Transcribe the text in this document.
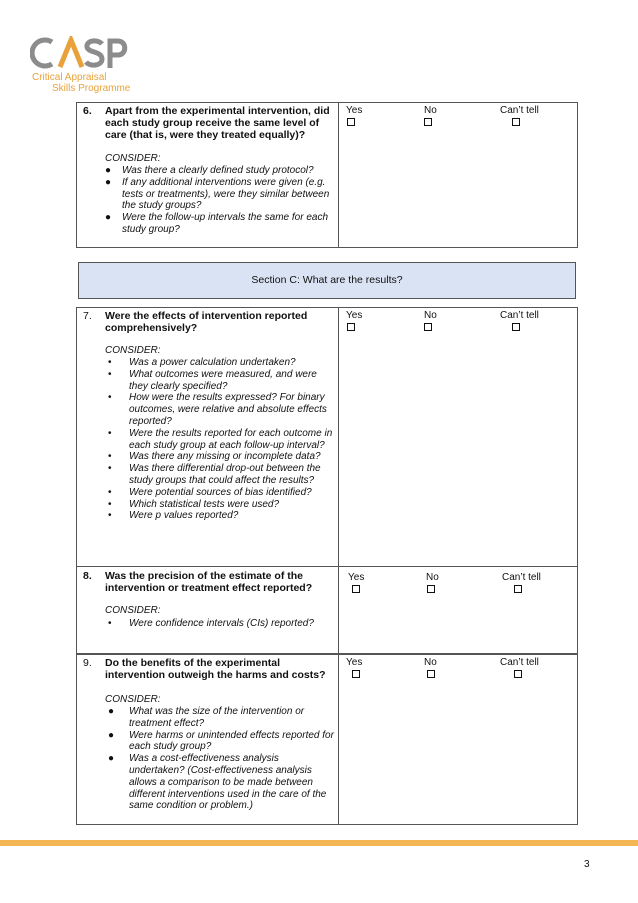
Critical Appraisal
Skills Programme
6. Apart from the experimental intervention, did each study group receive the same level of care (that is, were they treated equally)?
CONSIDER:
● Was there a clearly defined study protocol?
● If any additional interventions were given (e.g. tests or treatments), were they similar between the study groups?
● Were the follow-up intervals the same for each study group?
Yes	No	Can’t tell
Section C: What are the results?
7. Were the effects of intervention reported comprehensively?
CONSIDER:
• Was a power calculation undertaken?
• What outcomes were measured, and were they clearly specified?
• How were the results expressed? For binary outcomes, were relative and absolute effects reported?
• Were the results reported for each outcome in each study group at each follow-up interval?
• Was there any missing or incomplete data?
• Was there differential drop-out between the study groups that could affect the results?
• Were potential sources of bias identified?
• Which statistical tests were used?
• Were p values reported?
Yes	No	Can’t tell
8. Was the precision of the estimate of the intervention or treatment effect reported?
CONSIDER:
• Were confidence intervals (CIs) reported?
Yes	No	Can’t tell
9. Do the benefits of the experimental intervention outweigh the harms and costs?
CONSIDER:
● What was the size of the intervention or treatment effect?
● Were harms or unintended effects reported for each study group?
● Was a cost-effectiveness analysis undertaken? (Cost-effectiveness analysis allows a comparison to be made between different interventions used in the care of the same condition or problem.)
Yes	No	Can’t tell
3
